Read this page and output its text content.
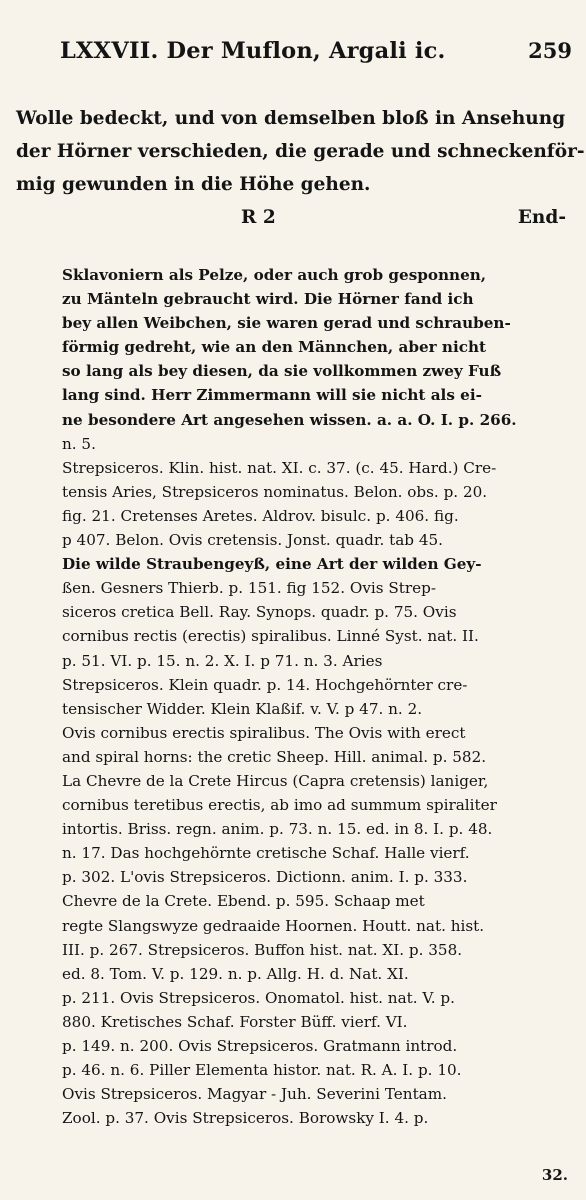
LXXVII. Der Muflon, Argali ic.	259
Wolle bedeckt, und von demselben bloß in Ansehung
der Hörner verschieden, die gerade und schneckenför-
mig gewunden in die Höhe gehen.
R 2	End-
Sklavoniern als Pelze, oder auch grob gesponnen,
zu Mänteln gebraucht wird. Die Hörner fand ich
bey allen Weibchen, sie waren gerad und schrauben-
förmig gedreht, wie an den Männchen, aber nicht
so lang als bey diesen, da sie vollkommen zwey Fuß
lang sind. Herr Zimmermann will sie nicht als ei-
ne besondere Art angesehen wissen. a. a. O. I. p. 266.
n. 5.
Strepsiceros. Klin. hist. nat. XI. c. 37. (c. 45. Hard.) Cre-
tensis Aries, Strepsiceros nominatus. Belon. obs. p. 20.
fig. 21. Cretenses Aretes. Aldrov. bisulc. p. 406. fig.
p 407. Belon. Ovis cretensis. Jonst. quadr. tab 45.
Die wilde Straubengeyß, eine Art der wilden Gey-
ßen. Gesners Thierb. p. 151. fig 152. Ovis Strep-
siceros cretica Bell. Ray. Synops. quadr. p. 75. Ovis
cornibus rectis (erectis) spiralibus. Linné Syst. nat. II.
p. 51. VI. p. 15. n. 2. X. I. p 71. n. 3. Aries
Strepsiceros. Klein quadr. p. 14. Hochgehörnter cre-
tensischer Widder. Klein Klaßif. v. V. p 47. n. 2.
Ovis cornibus erectis spiralibus. The Ovis with erect
and spiral horns: the cretic Sheep. Hill. animal. p. 582.
La Chevre de la Crete Hircus (Capra cretensis) laniger,
cornibus teretibus erectis, ab imo ad summum spiraliter
intortis. Briss. regn. anim. p. 73. n. 15. ed. in 8. I. p. 48.
n. 17. Das hochgehörnte cretische Schaf. Halle vierf.
p. 302. L'ovis Strepsiceros. Dictionn. anim. I. p. 333.
Chevre de la Crete. Ebend. p. 595. Schaap met
regte Slangswyze gedraaide Hoornen. Houtt. nat. hist.
III. p. 267. Strepsiceros. Buffon hist. nat. XI. p. 358.
ed. 8. Tom. V. p. 129. n. p. Allg. H. d. Nat. XI.
p. 211. Ovis Strepsiceros. Onomatol. hist. nat. V. p.
880. Kretisches Schaf. Forster Büff. vierf. VI.
p. 149. n. 200. Ovis Strepsiceros. Gratmann introd.
p. 46. n. 6. Piller Elementa histor. nat. R. A. I. p. 10.
Ovis Strepsiceros. Magyar - Juh. Severini Tentam.
Zool. p. 37. Ovis Strepsiceros. Borowsky I. 4. p.
32.
